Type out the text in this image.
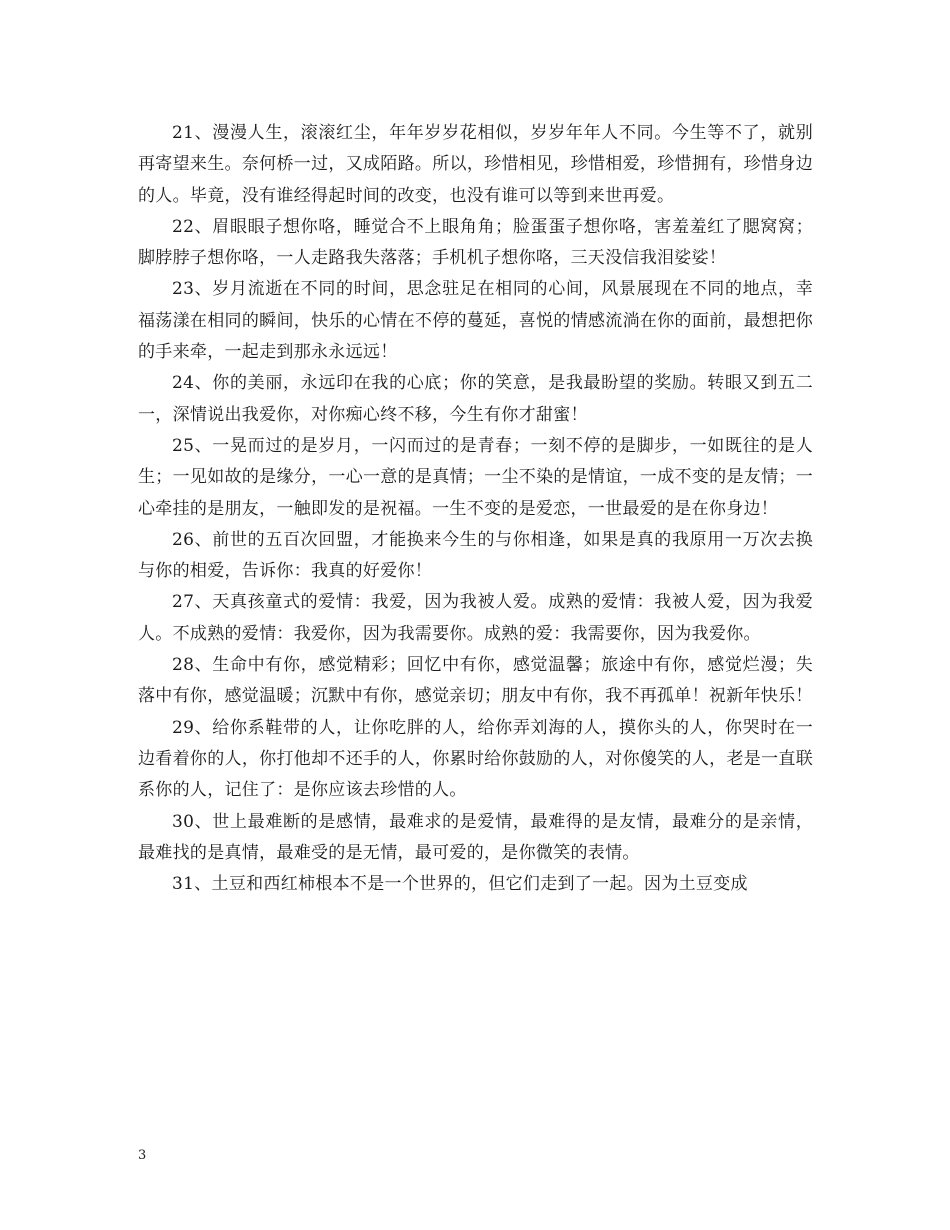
21、漫漫人生，滚滚红尘，年年岁岁花相似，岁岁年年人不同。今生等不了，就别再寄望来生。奈何桥一过，又成陌路。所以，珍惜相见，珍惜相爱，珍惜拥有，珍惜身边的人。毕竟，没有谁经得起时间的改变，也没有谁可以等到来世再爱。

22、眉眼眼子想你咯，睡觉合不上眼角角；脸蛋蛋子想你咯，害羞羞红了腮窝窝；脚脖脖子想你咯，一人走路我失落落；手机机子想你咯，三天没信我泪娑娑！

23、岁月流逝在不同的时间，思念驻足在相同的心间，风景展现在不同的地点，幸福荡漾在相同的瞬间，快乐的心情在不停的蔓延，喜悦的情感流淌在你的面前，最想把你的手来牵，一起走到那永永远远！

24、你的美丽，永远印在我的心底；你的笑意，是我最盼望的奖励。转眼又到五二一，深情说出我爱你，对你痴心终不移，今生有你才甜蜜！

25、一晃而过的是岁月，一闪而过的是青春；一刻不停的是脚步，一如既往的是人生；一见如故的是缘分，一心一意的是真情；一尘不染的是情谊，一成不变的是友情；一心牵挂的是朋友，一触即发的是祝福。一生不变的是爱恋，一世最爱的是在你身边！

26、前世的五百次回盟，才能换来今生的与你相逢，如果是真的我原用一万次去换与你的相爱，告诉你：我真的好爱你！

27、天真孩童式的爱情：我爱，因为我被人爱。成熟的爱情：我被人爱，因为我爱人。不成熟的爱情：我爱你，因为我需要你。成熟的爱：我需要你，因为我爱你。

28、生命中有你，感觉精彩；回忆中有你，感觉温馨；旅途中有你，感觉烂漫；失落中有你，感觉温暖；沉默中有你，感觉亲切；朋友中有你，我不再孤单！祝新年快乐！

29、给你系鞋带的人，让你吃胖的人，给你弄刘海的人，摸你头的人，你哭时在一边看着你的人，你打他却不还手的人，你累时给你鼓励的人，对你傻笑的人，老是一直联系你的人，记住了：是你应该去珍惜的人。

30、世上最难断的是感情，最难求的是爱情，最难得的是友情，最难分的是亲情，最难找的是真情，最难受的是无情，最可爱的，是你微笑的表情。

31、土豆和西红柿根本不是一个世界的，但它们走到了一起。因为土豆变成

3
